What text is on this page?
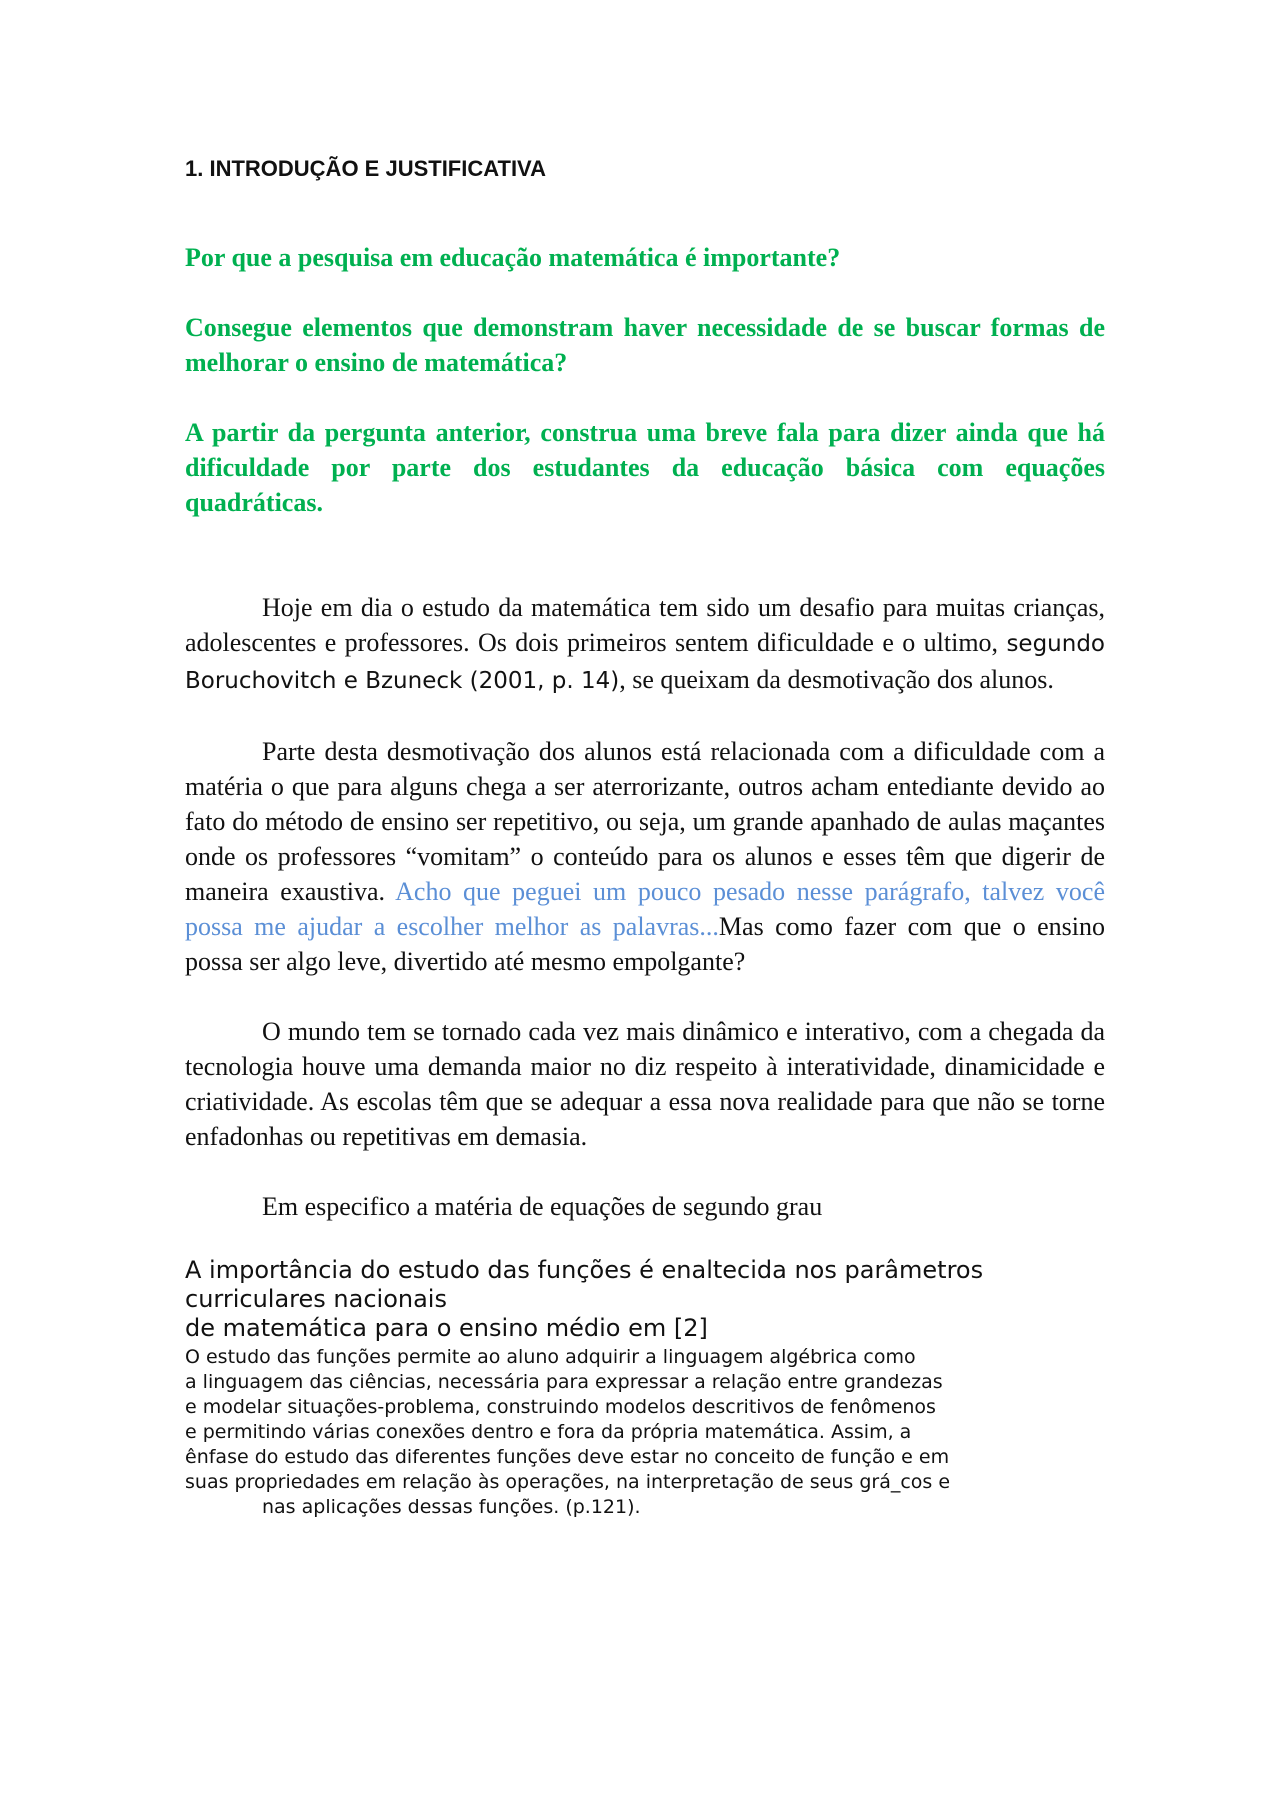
1. INTRODUÇÃO E JUSTIFICATIVA

Por que a pesquisa em educação matemática é importante?

Consegue elementos que demonstram haver necessidade de se buscar formas de melhorar o ensino de matemática?

A partir da pergunta anterior, construa uma breve fala para dizer ainda que há dificuldade por parte dos estudantes da educação básica com equações quadráticas.

Hoje em dia o estudo da matemática tem sido um desafio para muitas crianças, adolescentes e professores. Os dois primeiros sentem dificuldade e o ultimo, segundo Boruchovitch e Bzuneck (2001, p. 14), se queixam da desmotivação dos alunos.

Parte desta desmotivação dos alunos está relacionada com a dificuldade com a matéria o que para alguns chega a ser aterrorizante, outros acham entediante devido ao fato do método de ensino ser repetitivo, ou seja, um grande apanhado de aulas maçantes onde os professores “vomitam” o conteúdo para os alunos e esses têm que digerir de maneira exaustiva. Acho que peguei um pouco pesado nesse parágrafo, talvez você possa me ajudar a escolher melhor as palavras...Mas como fazer com que o ensino possa ser algo leve, divertido até mesmo empolgante?

O mundo tem se tornado cada vez mais dinâmico e interativo, com a chegada da tecnologia houve uma demanda maior no diz respeito à interatividade, dinamicidade e criatividade. As escolas têm que se adequar a essa nova realidade para que não se torne enfadonhas ou repetitivas em demasia.

Em especifico a matéria de equações de segundo grau

A importância do estudo das funções é enaltecida nos parâmetros
curriculares nacionais
de matemática para o ensino médio em [2]
O estudo das funções permite ao aluno adquirir a linguagem algébrica como
a linguagem das ciências, necessária para expressar a relação entre grandezas
e modelar situações-problema, construindo modelos descritivos de fenômenos
e permitindo várias conexões dentro e fora da própria matemática. Assim, a
ênfase do estudo das diferentes funções deve estar no conceito de função e em
suas propriedades em relação às operações, na interpretação de seus grá_cos e
nas aplicações dessas funções. (p.121).
